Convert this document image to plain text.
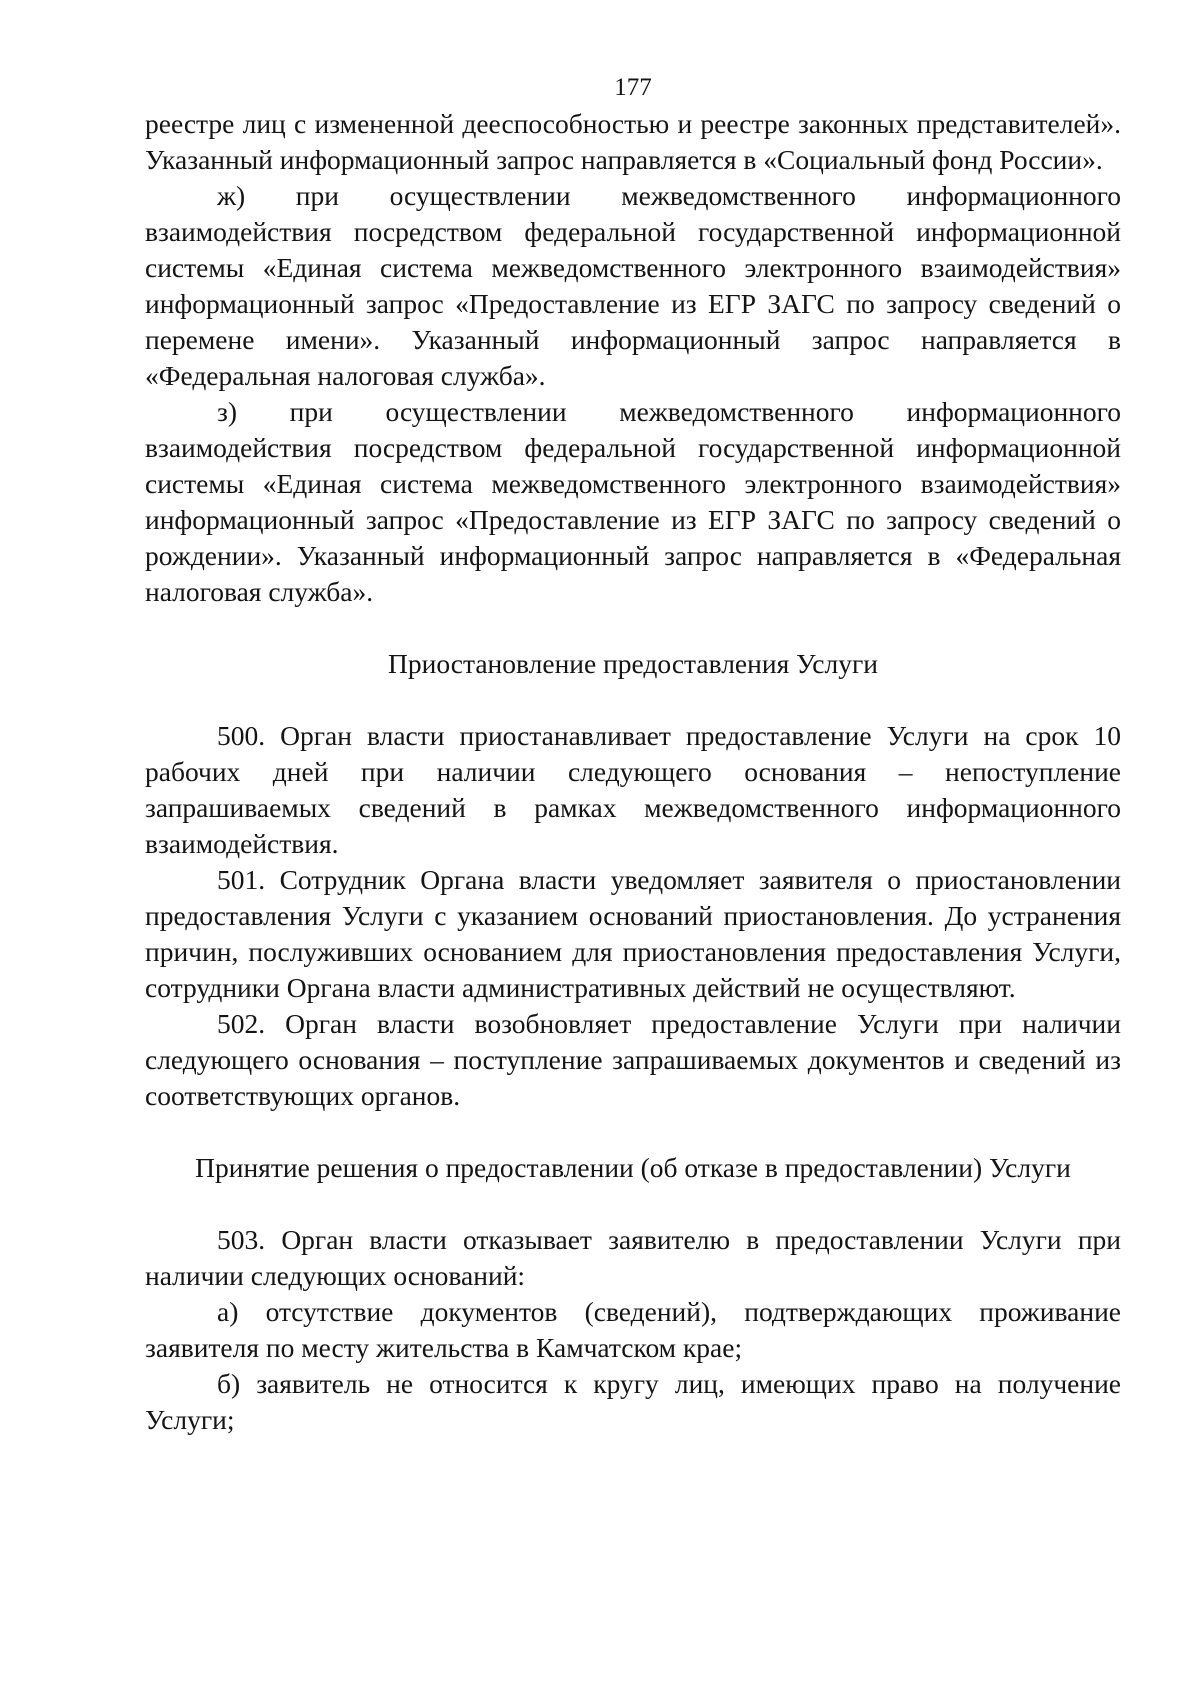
177

реестре лиц с измененной дееспособностью и реестре законных представителей». Указанный информационный запрос направляется в «Социальный фонд России».

ж) при осуществлении межведомственного информационного взаимодействия посредством федеральной государственной информационной системы «Единая система межведомственного электронного взаимодействия» информационный запрос «Предоставление из ЕГР ЗАГС по запросу сведений о перемене имени». Указанный информационный запрос направляется в «Федеральная налоговая служба».

з) при осуществлении межведомственного информационного взаимодействия посредством федеральной государственной информационной системы «Единая система межведомственного электронного взаимодействия» информационный запрос «Предоставление из ЕГР ЗАГС по запросу сведений о рождении». Указанный информационный запрос направляется в «Федеральная налоговая служба».

Приостановление предоставления Услуги

500. Орган власти приостанавливает предоставление Услуги на срок 10 рабочих дней при наличии следующего основания – непоступление запрашиваемых сведений в рамках межведомственного информационного взаимодействия.

501. Сотрудник Органа власти уведомляет заявителя о приостановлении предоставления Услуги с указанием оснований приостановления. До устранения причин, послуживших основанием для приостановления предоставления Услуги, сотрудники Органа власти административных действий не осуществляют.

502. Орган власти возобновляет предоставление Услуги при наличии следующего основания – поступление запрашиваемых документов и сведений из соответствующих органов.

Принятие решения о предоставлении (об отказе в предоставлении) Услуги

503. Орган власти отказывает заявителю в предоставлении Услуги при наличии следующих оснований:

а) отсутствие документов (сведений), подтверждающих проживание заявителя по месту жительства в Камчатском крае;

б) заявитель не относится к кругу лиц, имеющих право на получение Услуги;
